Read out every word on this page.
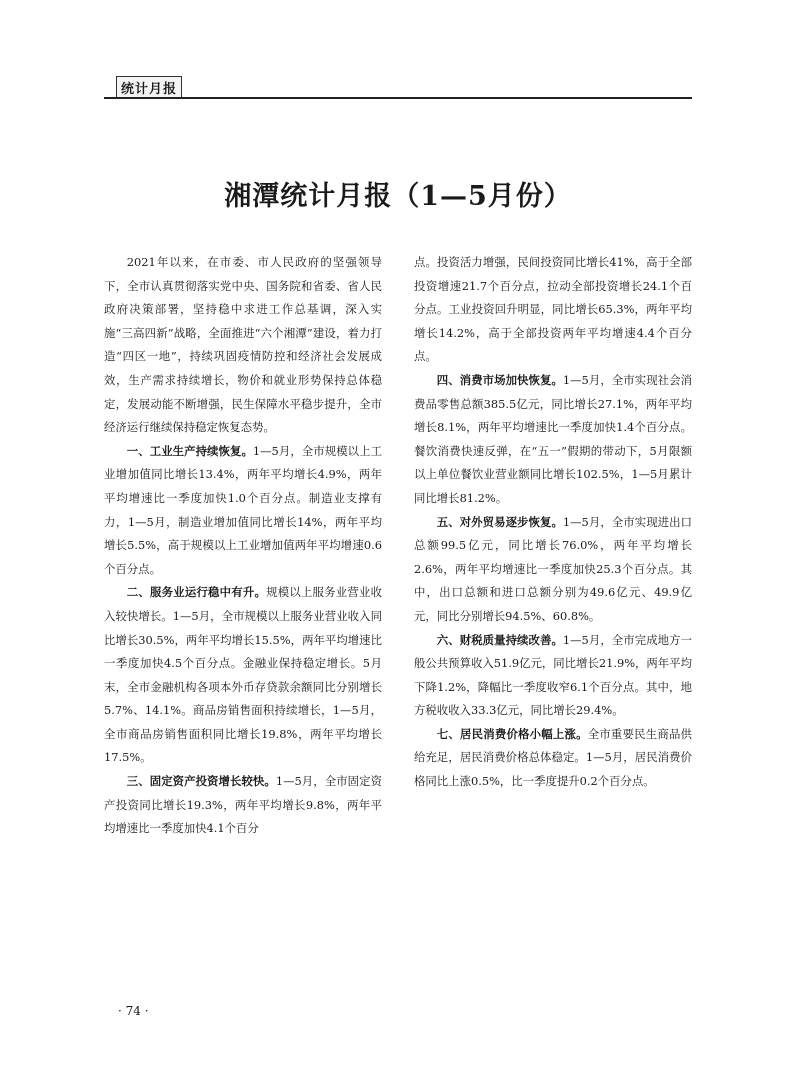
统计月报
湘潭统计月报（1—5月份）

2021年以来，在市委、市人民政府的坚强领导下，全市认真贯彻落实党中央、国务院和省委、省人民政府决策部署，坚持稳中求进工作总基调，深入实施“三高四新”战略，全面推进“六个湘潭”建设，着力打造“四区一地”，持续巩固疫情防控和经济社会发展成效，生产需求持续增长，物价和就业形势保持总体稳定，发展动能不断增强，民生保障水平稳步提升，全市经济运行继续保持稳定恢复态势。

一、工业生产持续恢复。1—5月，全市规模以上工业增加值同比增长13.4%，两年平均增长4.9%，两年平均增速比一季度加快1.0个百分点。制造业支撑有力，1—5月，制造业增加值同比增长14%，两年平均增长5.5%，高于规模以上工业增加值两年平均增速0.6个百分点。

二、服务业运行稳中有升。规模以上服务业营业收入较快增长。1—5月，全市规模以上服务业营业收入同比增长30.5%，两年平均增长15.5%，两年平均增速比一季度加快4.5个百分点。金融业保持稳定增长。5月末，全市金融机构各项本外币存贷款余额同比分别增长5.7%、14.1%。商品房销售面积持续增长，1—5月，全市商品房销售面积同比增长19.8%，两年平均增长17.5%。

三、固定资产投资增长较快。1—5月，全市固定资产投资同比增长19.3%，两年平均增长9.8%，两年平均增速比一季度加快4.1个百分

点。投资活力增强，民间投资同比增长41%，高于全部投资增速21.7个百分点，拉动全部投资增长24.1个百分点。工业投资回升明显，同比增长65.3%，两年平均增长14.2%，高于全部投资两年平均增速4.4个百分点。

四、消费市场加快恢复。1—5月，全市实现社会消费品零售总额385.5亿元，同比增长27.1%，两年平均增长8.1%，两年平均增速比一季度加快1.4个百分点。餐饮消费快速反弹，在“五一”假期的带动下，5月限额以上单位餐饮业营业额同比增长102.5%，1—5月累计同比增长81.2%。

五、对外贸易逐步恢复。1—5月，全市实现进出口总额99.5亿元，同比增长76.0%，两年平均增长2.6%，两年平均增速比一季度加快25.3个百分点。其中，出口总额和进口总额分别为49.6亿元、49.9亿元，同比分别增长94.5%、60.8%。

六、财税质量持续改善。1—5月，全市完成地方一般公共预算收入51.9亿元，同比增长21.9%，两年平均下降1.2%，降幅比一季度收窄6.1个百分点。其中，地方税收收入33.3亿元，同比增长29.4%。

七、居民消费价格小幅上涨。全市重要民生商品供给充足，居民消费价格总体稳定。1—5月，居民消费价格同比上涨0.5%，比一季度提升0.2个百分点。

· 74 ·
